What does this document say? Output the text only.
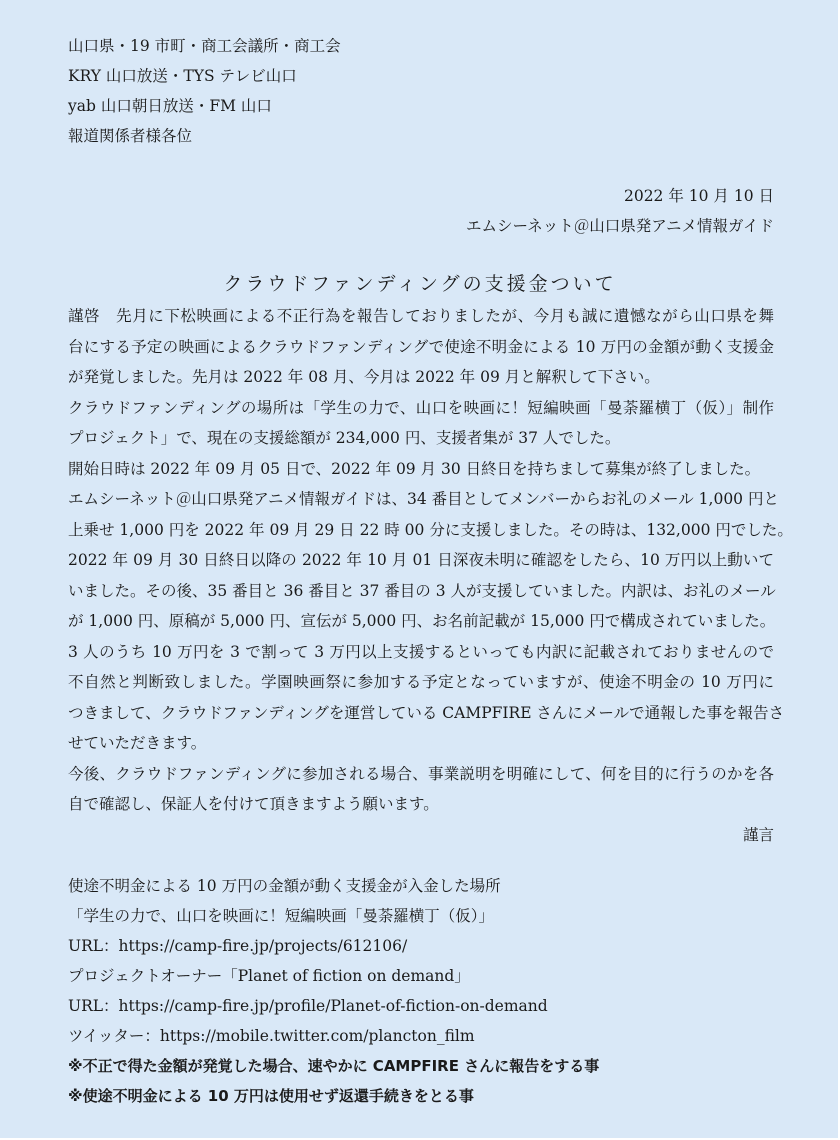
山口県・19 市町・商工会議所・商工会
KRY 山口放送・TYS テレビ山口
yab 山口朝日放送・FM 山口
報道関係者様各位
2022 年 10 月 10 日
エムシーネット＠山口県発アニメ情報ガイド
クラウドファンディングの支援金ついて
謹啓　先月に下松映画による不正行為を報告しておりましたが、今月も誠に遺憾ながら山口県を舞
台にする予定の映画によるクラウドファンディングで使途不明金による 10 万円の金額が動く支援金
が発覚しました。先月は 2022 年 08 月、今月は 2022 年 09 月と解釈して下さい。
クラウドファンディングの場所は「学生の力で、山口を映画に！短編映画「曼荼羅横丁（仮）」制作
プロジェクト」で、現在の支援総額が 234,000 円、支援者集が 37 人でした。
開始日時は 2022 年 09 月 05 日で、2022 年 09 月 30 日終日を持ちまして募集が終了しました。
エムシーネット＠山口県発アニメ情報ガイドは、34 番目としてメンバーからお礼のメール 1,000 円と
上乗せ 1,000 円を 2022 年 09 月 29 日 22 時 00 分に支援しました。その時は、132,000 円でした。
2022 年 09 月 30 日終日以降の 2022 年 10 月 01 日深夜未明に確認をしたら、10 万円以上動いて
いました。その後、35 番目と 36 番目と 37 番目の 3 人が支援していました。内訳は、お礼のメール
が 1,000 円、原稿が 5,000 円、宣伝が 5,000 円、お名前記載が 15,000 円で構成されていました。
3 人のうち 10 万円を 3 で割って 3 万円以上支援するといっても内訳に記載されておりませんので
不自然と判断致しました。学園映画祭に参加する予定となっていますが、使途不明金の 10 万円に
つきまして、クラウドファンディングを運営している CAMPFIRE さんにメールで通報した事を報告さ
せていただきます。
今後、クラウドファンディングに参加される場合、事業説明を明確にして、何を目的に行うのかを各
自で確認し、保証人を付けて頂きますよう願います。
謹言
使途不明金による 10 万円の金額が動く支援金が入金した場所
「学生の力で、山口を映画に！短編映画「曼荼羅横丁（仮）」
URL：https://camp-fire.jp/projects/612106/
プロジェクトオーナー「Planet of fiction on demand」
URL：https://camp-fire.jp/profile/Planet-of-fiction-on-demand
ツイッター：https://mobile.twitter.com/plancton_film
※不正で得た金額が発覚した場合、速やかに CAMPFIRE さんに報告をする事
※使途不明金による 10 万円は使用せず返還手続きをとる事
